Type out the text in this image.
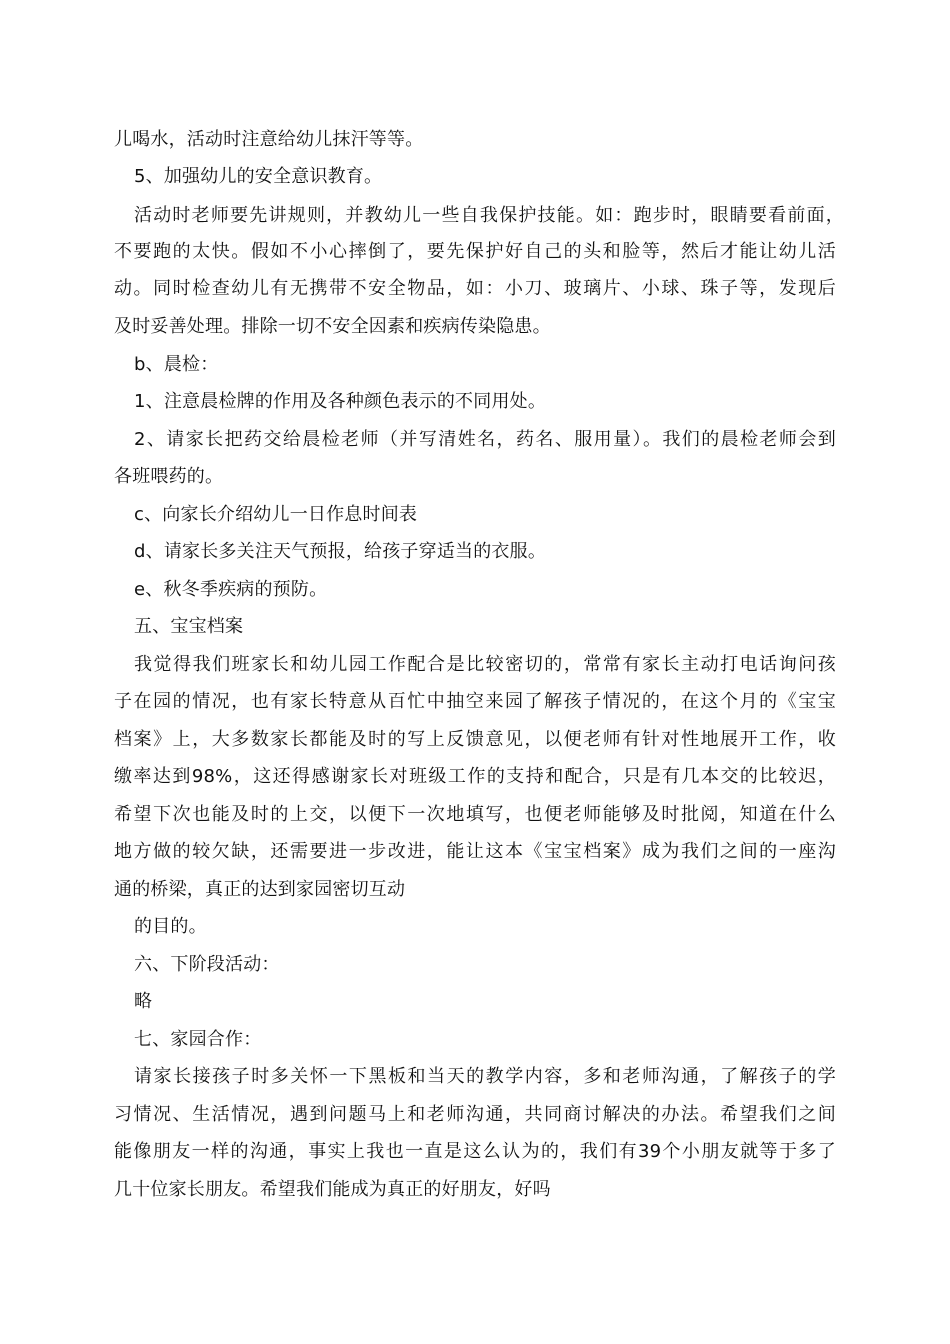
儿喝水，活动时注意给幼儿抹汗等等。
5、加强幼儿的安全意识教育。
活动时老师要先讲规则，并教幼儿一些自我保护技能。如：跑步时，眼睛要看前面，
不要跑的太快。假如不小心摔倒了，要先保护好自己的头和脸等，然后才能让幼儿活
动。同时检查幼儿有无携带不安全物品，如：小刀、玻璃片、小球、珠子等，发现后
及时妥善处理。排除一切不安全因素和疾病传染隐患。
b、晨检：
1、注意晨检牌的作用及各种颜色表示的不同用处。
2、请家长把药交给晨检老师（并写清姓名，药名、服用量）。我们的晨检老师会到
各班喂药的。
c、向家长介绍幼儿一日作息时间表
d、请家长多关注天气预报，给孩子穿适当的衣服。
e、秋冬季疾病的预防。
五、宝宝档案
我觉得我们班家长和幼儿园工作配合是比较密切的，常常有家长主动打电话询问孩
子在园的情况，也有家长特意从百忙中抽空来园了解孩子情况的，在这个月的《宝宝
档案》上，大多数家长都能及时的写上反馈意见，以便老师有针对性地展开工作，收
缴率达到98%，这还得感谢家长对班级工作的支持和配合，只是有几本交的比较迟，
希望下次也能及时的上交，以便下一次地填写，也便老师能够及时批阅，知道在什么
地方做的较欠缺，还需要进一步改进，能让这本《宝宝档案》成为我们之间的一座沟
通的桥梁，真正的达到家园密切互动
的目的。
六、下阶段活动：
略
七、家园合作：
请家长接孩子时多关怀一下黑板和当天的教学内容，多和老师沟通，了解孩子的学
习情况、生活情况，遇到问题马上和老师沟通，共同商讨解决的办法。希望我们之间
能像朋友一样的沟通，事实上我也一直是这么认为的，我们有39个小朋友就等于多了
几十位家长朋友。希望我们能成为真正的好朋友，好吗
